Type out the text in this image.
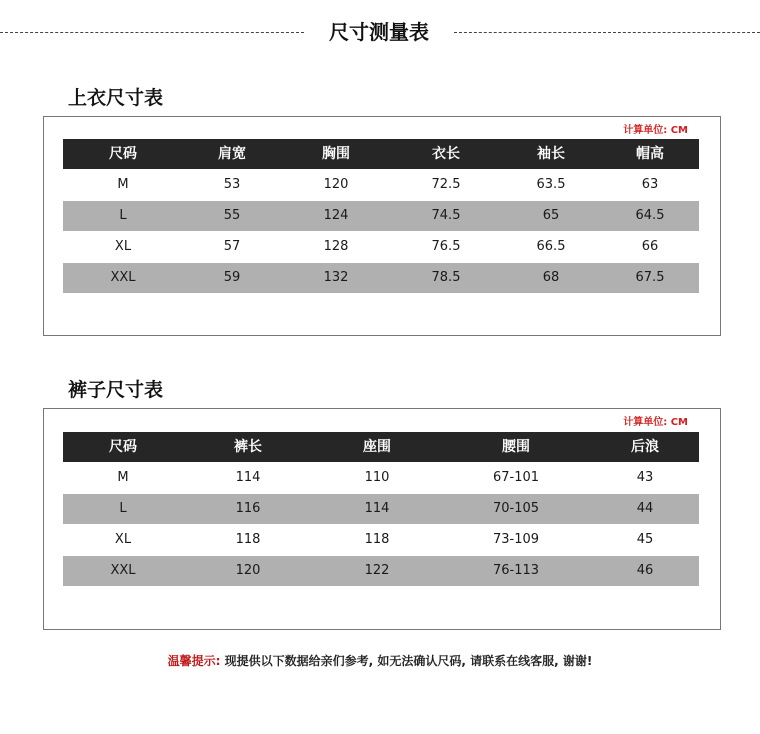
尺寸测量表
上衣尺寸表
计算单位: CM
尺码	肩宽	胸围	衣长	袖长	帽高
M	53	120	72.5	63.5	63
L	55	124	74.5	65	64.5
XL	57	128	76.5	66.5	66
XXL	59	132	78.5	68	67.5
裤子尺寸表
计算单位: CM
尺码	裤长	座围	腰围	后浪
M	114	110	67-101	43
L	116	114	70-105	44
XL	118	118	73-109	45
XXL	120	122	76-113	46
温馨提示: 现提供以下数据给亲们参考, 如无法确认尺码, 请联系在线客服, 谢谢!
